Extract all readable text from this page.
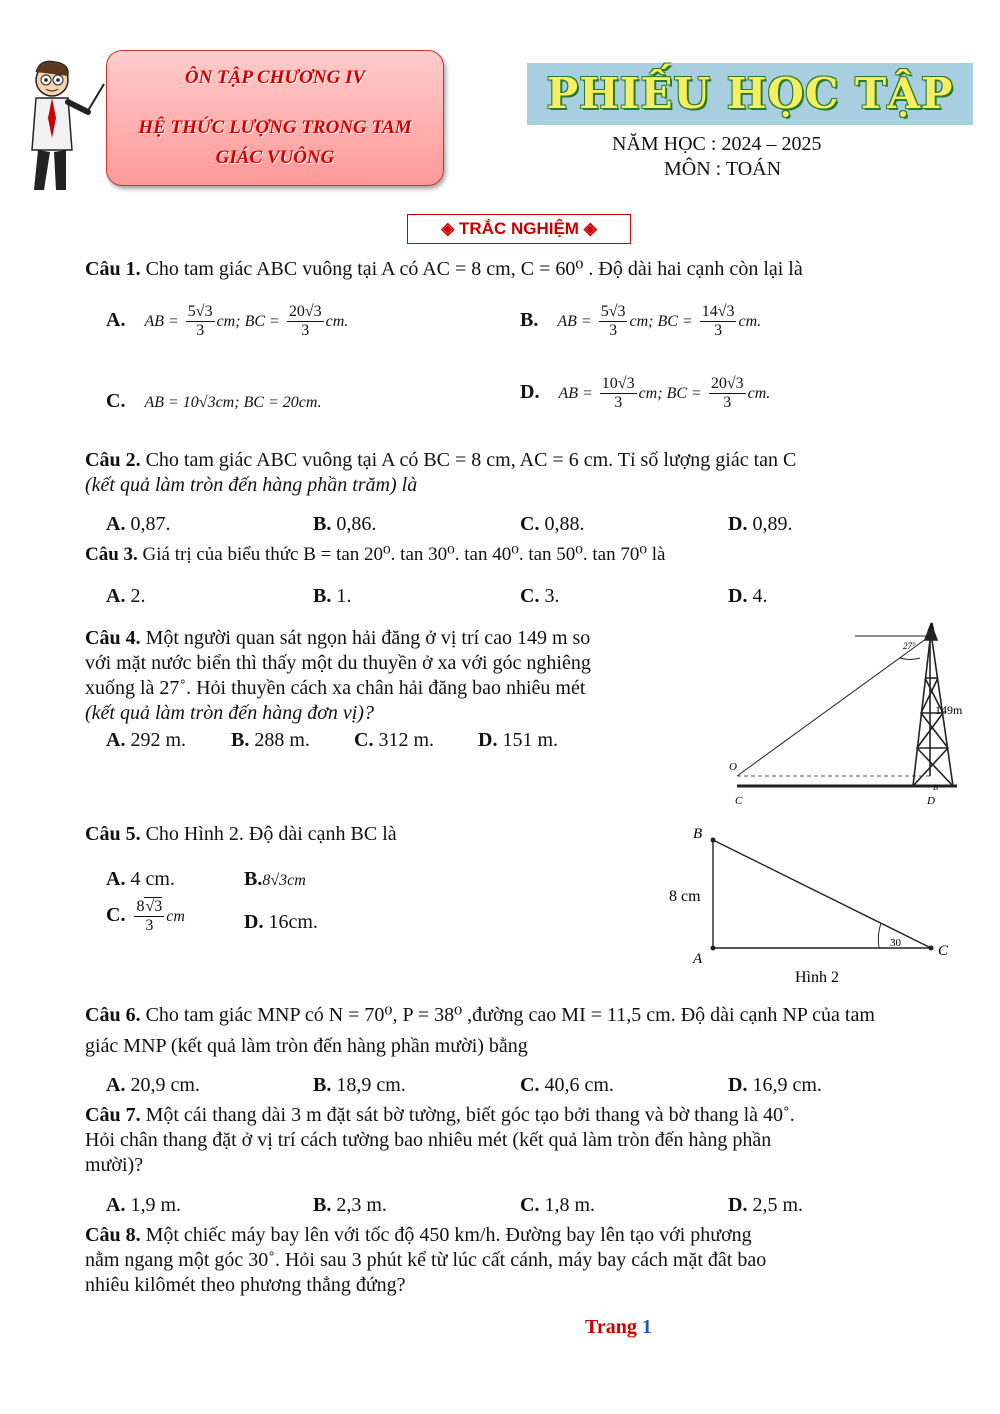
ÔN TẬP CHƯƠNG IV
HỆ THỨC LƯỢNG TRONG TAM GIÁC VUÔNG
PHIẾU HỌC TẬP
NĂM HỌC : 2024 – 2025
MÔN : TOÁN
◈ TRẮC NGHIỆM ◈
Câu 1. Cho tam giác ABC vuông tại A có AC = 8 cm, C = 60⁰ . Độ dài hai cạnh còn lại là
A. AB = $\frac{5√3}{3}$ cm; BC = $\frac{20√3}{3}$ cm.	B. AB = $\frac{5√3}{3}$ cm; BC = $\frac{14√3}{3}$ cm.
C. AB = 10√3cm; BC = 20cm.	D. AB = $\frac{10√3}{3}$ cm; BC = $\frac{20√3}{3}$ cm.
Câu 2. Cho tam giác ABC vuông tại A có BC = 8 cm, AC = 6 cm. Tỉ số lượng giác tan C
(kết quả làm tròn đến hàng phần trăm) là
A. 0,87.	B. 0,86.	C. 0,88.	D. 0,89.
Câu 3. Giá trị của biểu thức B = tan 20⁰. tan 30⁰. tan 40⁰. tan 50⁰. tan 70⁰ là
A. 2.	B. 1.	C. 3.	D. 4.
Câu 4. Một người quan sát ngọn hải đăng ở vị trí cao 149 m so
với mặt nước biển thì thấy một du thuyền ở xa với góc nghiêng
xuống là 27˚. Hỏi thuyền cách xa chân hải đăng bao nhiêu mét
(kết quả làm tròn đến hàng đơn vị)?
A. 292 m. B. 288 m. C. 312 m. D. 151 m.
A
27°
149m
O
B
C	D
Câu 5. Cho Hình 2. Độ dài cạnh BC là
A. 4 cm.	B.8√3cm
C. $\frac{8√3}{3}$ cm	D. 16cm.
B
8 cm
A
30 C
Hình 2
Câu 6. Cho tam giác MNP có N = 70⁰, P = 38⁰ ,đường cao MI = 11,5 cm. Độ dài cạnh NP của tam
giác MNP (kết quả làm tròn đến hàng phần mười) bằng
A. 20,9 cm.	B. 18,9 cm.	C. 40,6 cm.	D. 16,9 cm.
Câu 7. Một cái thang dài 3 m đặt sát bờ tường, biết góc tạo bởi thang và bờ thang là 40˚.
Hỏi chân thang đặt ở vị trí cách tường bao nhiêu mét (kết quả làm tròn đến hàng phần
mười)?
A. 1,9 m.	B. 2,3 m.	C. 1,8 m.	D. 2,5 m.
Câu 8. Một chiếc máy bay lên với tốc độ 450 km/h. Đường bay lên tạo với phương
nằm ngang một góc 30˚. Hỏi sau 3 phút kể từ lúc cất cánh, máy bay cách mặt đât bao
nhiêu kilômét theo phương thẳng đứng?
Trang 1
